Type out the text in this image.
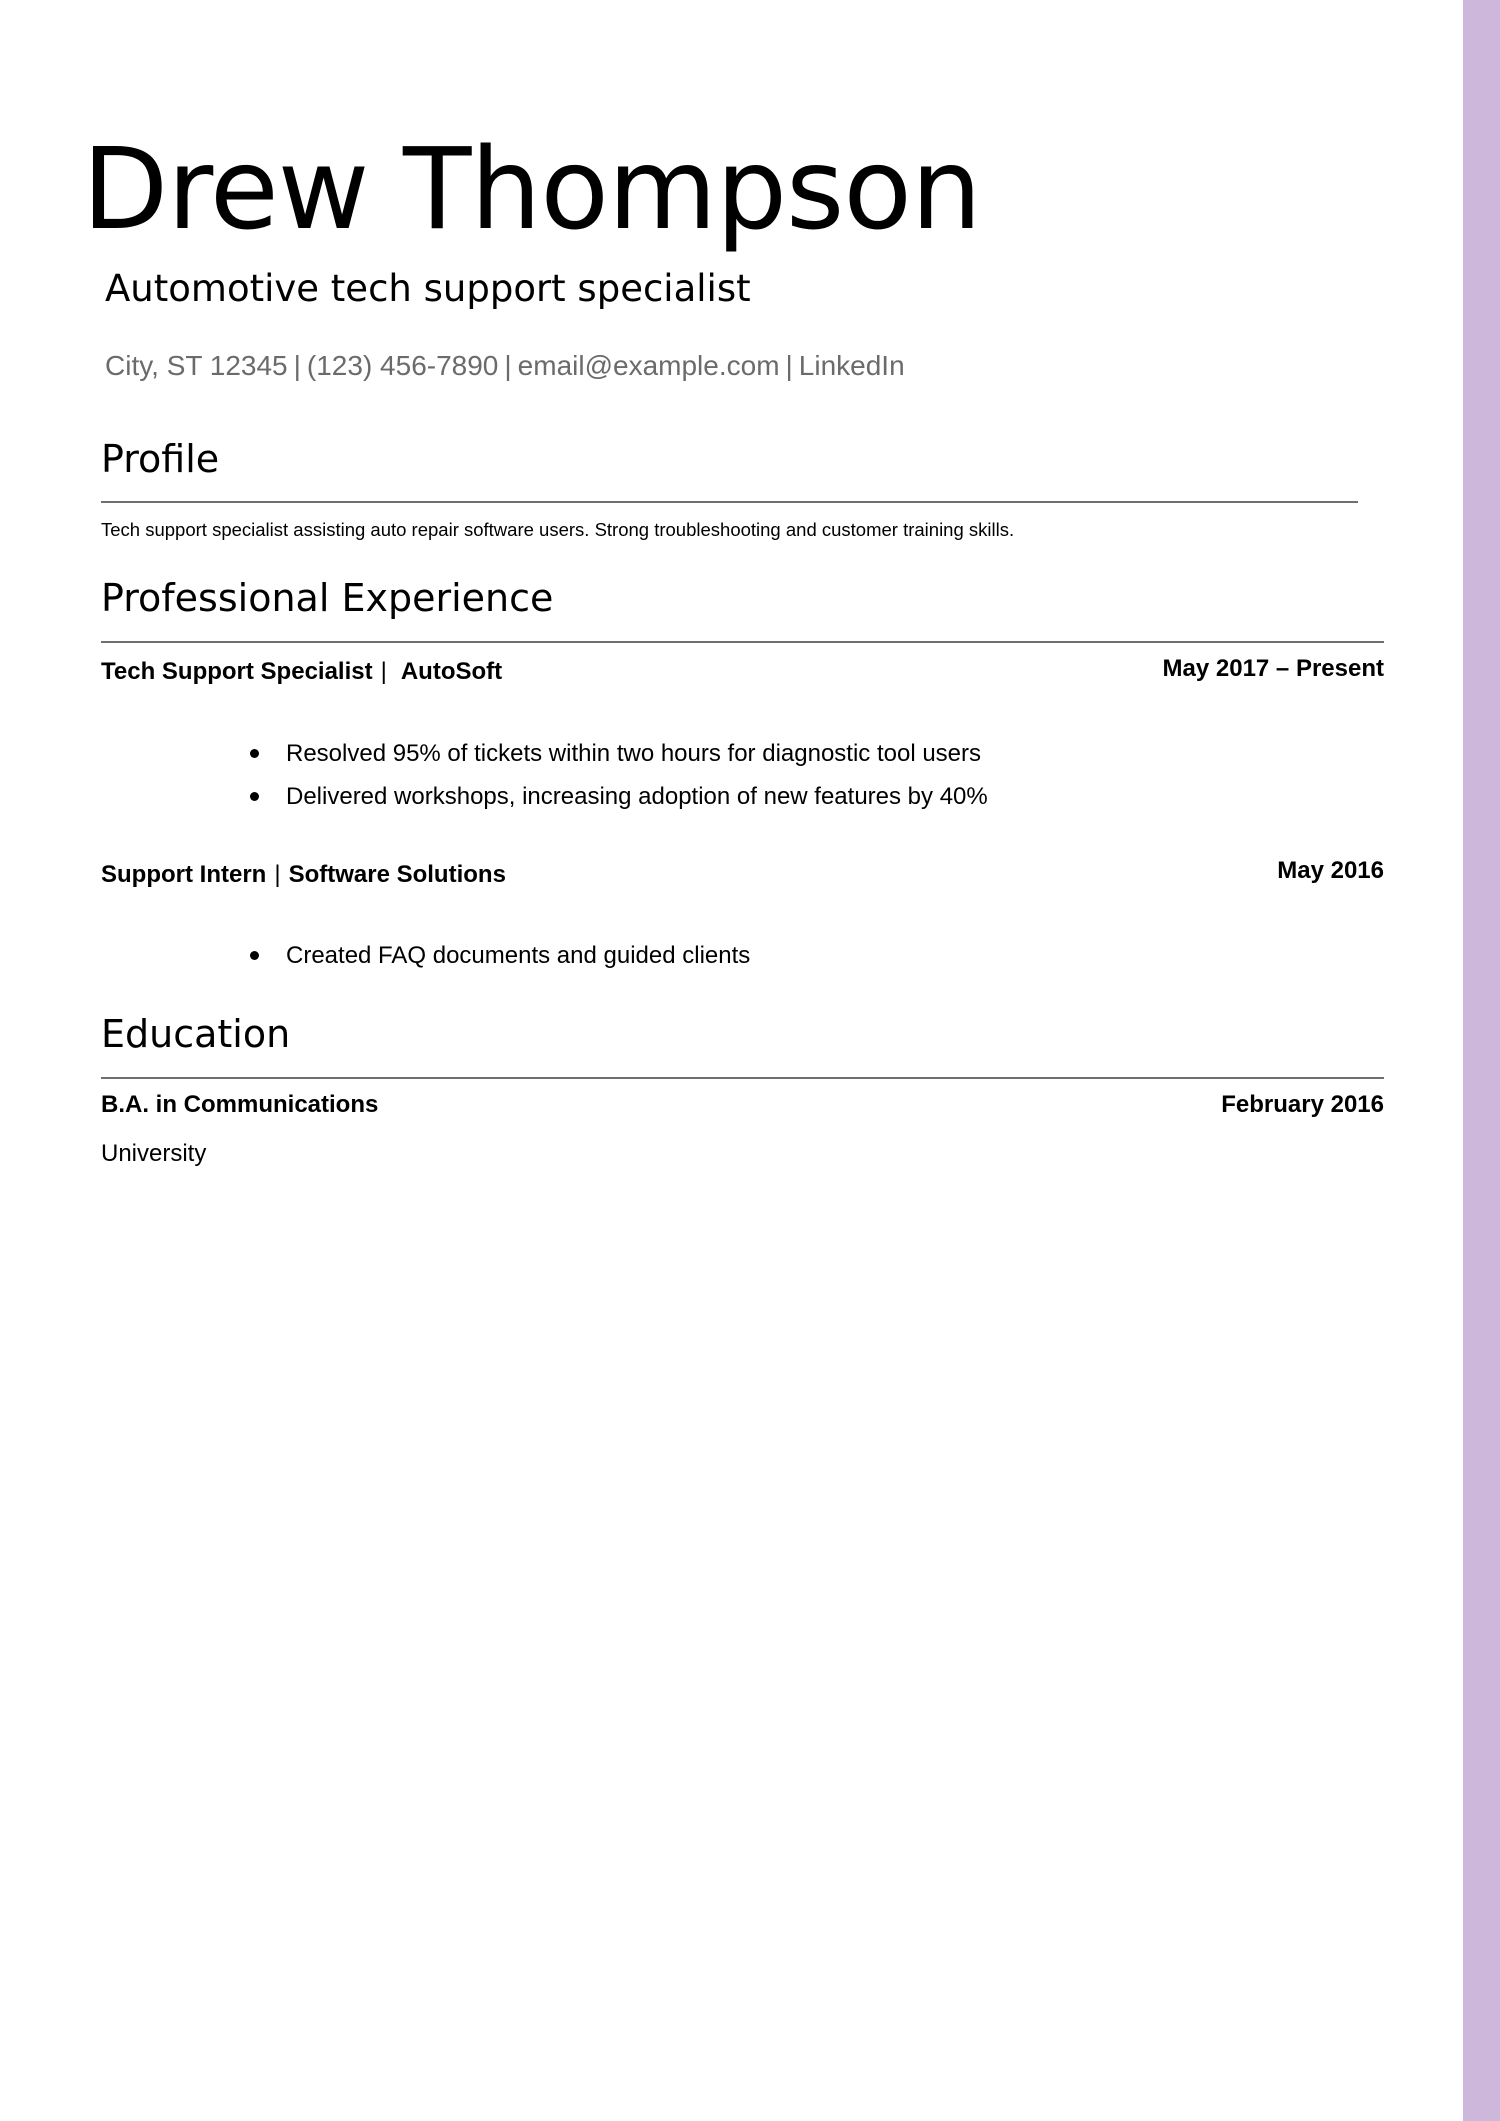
Drew Thompson
Automotive tech support specialist
City, ST 12345 | (123) 456-7890 | email@example.com | LinkedIn
Profile
Tech support specialist assisting auto repair software users. Strong troubleshooting and customer training skills.
Professional Experience
Tech Support Specialist | AutoSoft	May 2017 – Present
Resolved 95% of tickets within two hours for diagnostic tool users
Delivered workshops, increasing adoption of new features by 40%
Support Intern | Software Solutions	May 2016
Created FAQ documents and guided clients
Education
B.A. in Communications	February 2016
University
